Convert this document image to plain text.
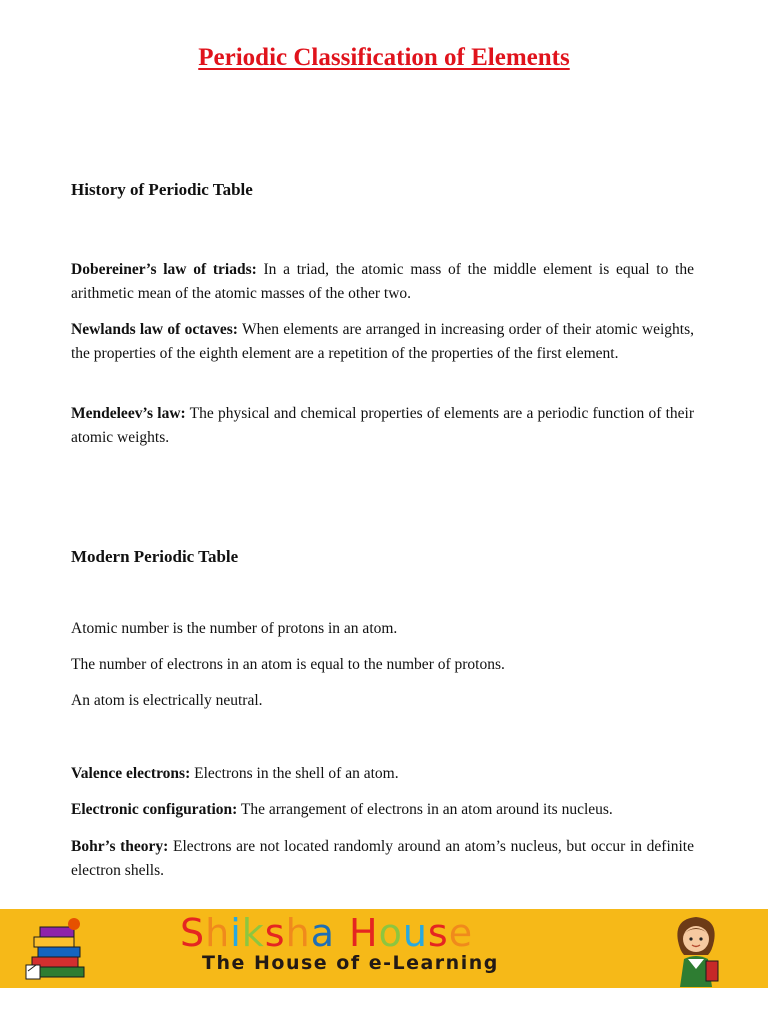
Periodic Classification of Elements
History of Periodic Table
Dobereiner’s law of triads: In a triad, the atomic mass of the middle element is equal to the arithmetic mean of the atomic masses of the other two.
Newlands law of octaves: When elements are arranged in increasing order of their atomic weights, the properties of the eighth element are a repetition of the properties of the first element.
Mendeleev’s law: The physical and chemical properties of elements are a periodic function of their atomic weights.
Modern Periodic Table
Atomic number is the number of protons in an atom.
The number of electrons in an atom is equal to the number of protons.
An atom is electrically neutral.
Valence electrons: Electrons in the shell of an atom.
Electronic configuration: The arrangement of electrons in an atom around its nucleus.
Bohr’s theory: Electrons are not located randomly around an atom’s nucleus, but occur in definite electron shells.
Shiksha House
The House of e-Learning
